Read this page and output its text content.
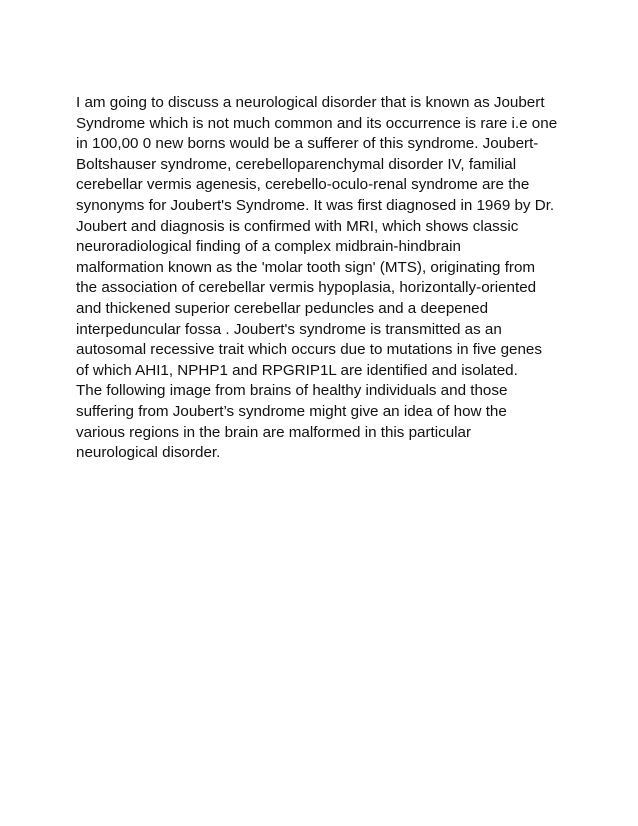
I am going to discuss a neurological disorder that is known as Joubert
Syndrome which is not much common and its occurrence is rare i.e one
in 100,00 0 new borns would be a sufferer of this syndrome. Joubert-
Boltshauser syndrome, cerebelloparenchymal disorder IV, familial
cerebellar vermis agenesis, cerebello-oculo-renal syndrome are the
synonyms for Joubert's Syndrome. It was first diagnosed in 1969 by Dr.
Joubert and diagnosis is confirmed with MRI, which shows classic
neuroradiological finding of a complex midbrain-hindbrain
malformation known as the 'molar tooth sign' (MTS), originating from
the association of cerebellar vermis hypoplasia, horizontally-oriented
and thickened superior cerebellar peduncles and a deepened
interpeduncular fossa . Joubert's syndrome is transmitted as an
autosomal recessive trait which occurs due to mutations in five genes
of which AHI1, NPHP1 and RPGRIP1L are identified and isolated.
The following image from brains of healthy individuals and those
suffering from Joubert’s syndrome might give an idea of how the
various regions in the brain are malformed in this particular
neurological disorder.
